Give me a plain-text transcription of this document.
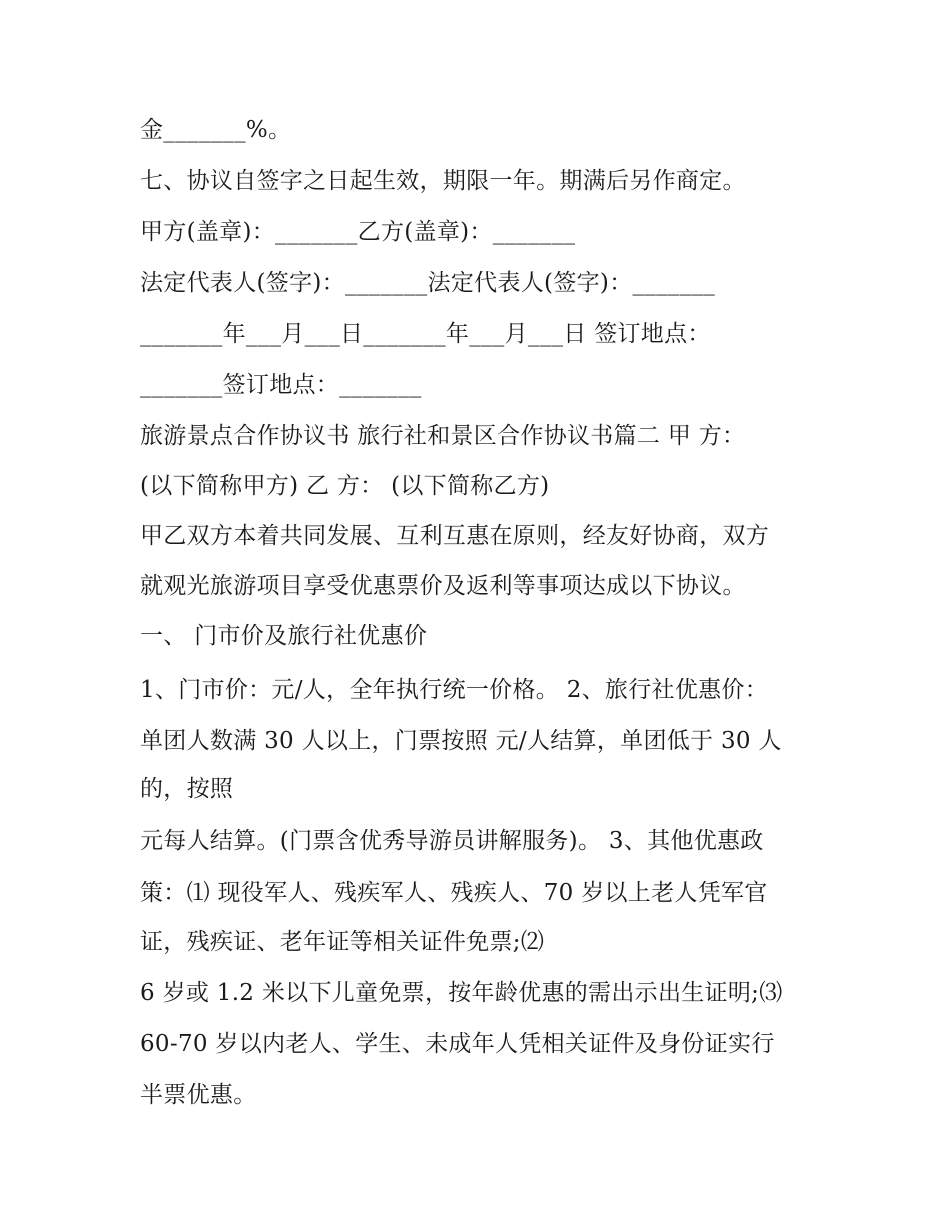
金_______%。
七、协议自签字之日起生效，期限一年。期满后另作商定。
甲方(盖章)：_______乙方(盖章)：_______
法定代表人(签字)：_______法定代表人(签字)：_______
_______年___月___日_______年___月___日 签订地点：
_______签订地点：_______
旅游景点合作协议书 旅行社和景区合作协议书篇二 甲 方：
(以下简称甲方) 乙 方： (以下简称乙方)
甲乙双方本着共同发展、互利互惠在原则，经友好协商，双方
就观光旅游项目享受优惠票价及返利等事项达成以下协议。
一、 门市价及旅行社优惠价
1、门市价：元/人，全年执行统一价格。 2、旅行社优惠价：
单团人数满 30 人以上，门票按照 元/人结算，单团低于 30 人
的，按照
元每人结算。(门票含优秀导游员讲解服务)。 3、其他优惠政
策：⑴ 现役军人、残疾军人、残疾人、70 岁以上老人凭军官
证，残疾证、老年证等相关证件免票;⑵
6 岁或 1.2 米以下儿童免票，按年龄优惠的需出示出生证明;⑶
60-70 岁以内老人、学生、未成年人凭相关证件及身份证实行
半票优惠。
